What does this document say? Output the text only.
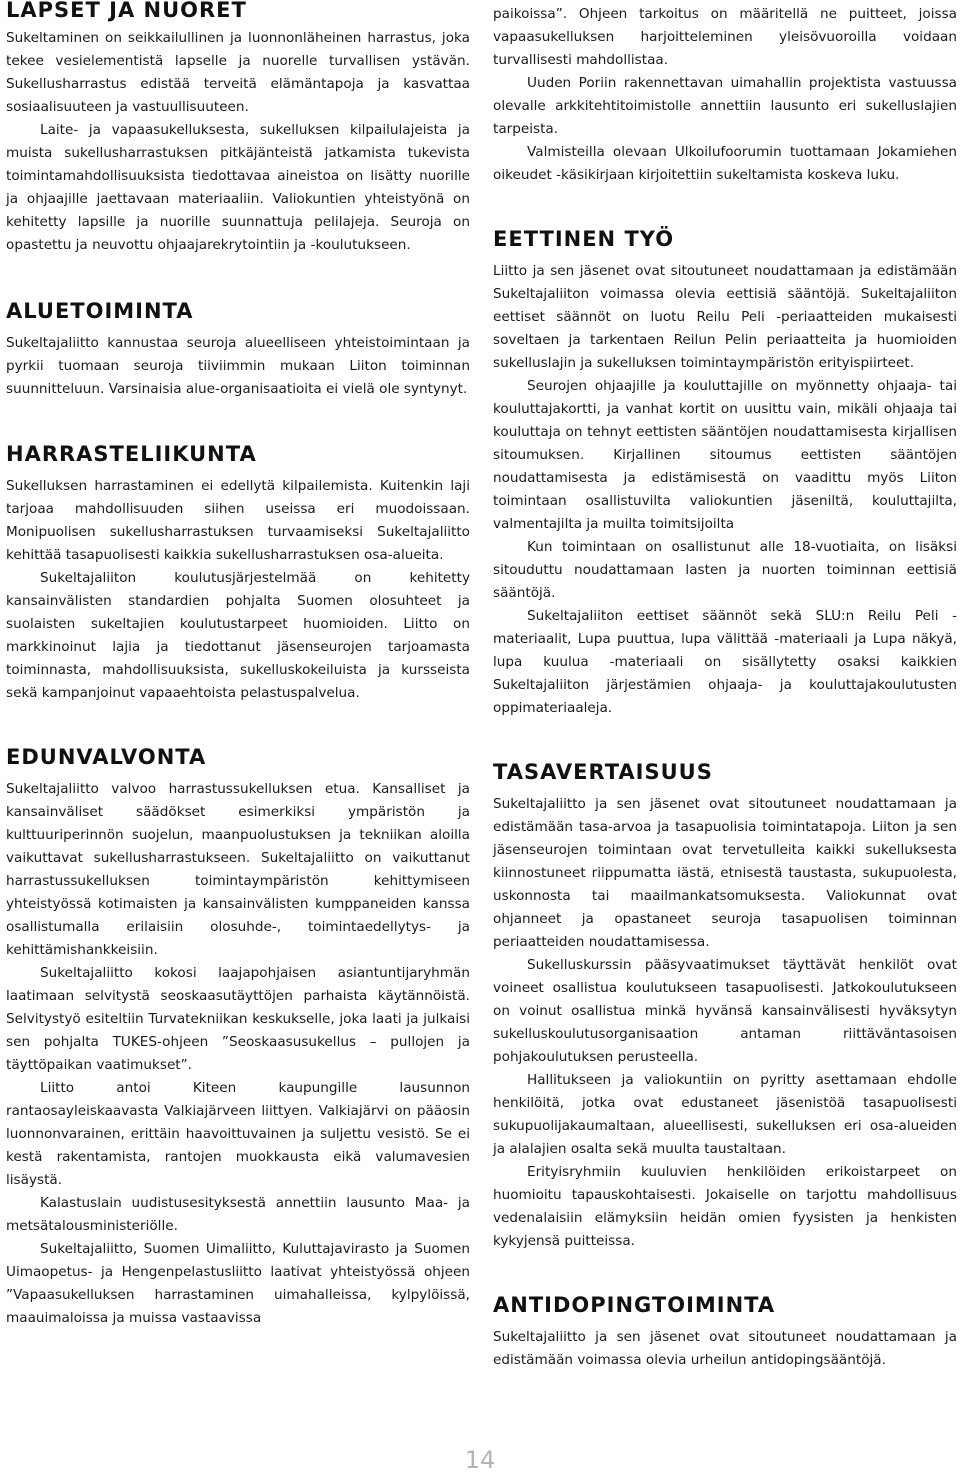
LAPSET JA NUORET

Sukeltaminen on seikkailullinen ja luonnonläheinen harrastus, joka tekee vesielementistä lapselle ja nuorelle turvallisen ystävän. Sukellusharrastus edistää terveitä elämäntapoja ja kasvattaa sosiaalisuuteen ja vastuullisuuteen.

Laite- ja vapaasukelluksesta, sukelluksen kilpailulajeista ja muista sukellusharrastuksen pitkäjänteistä jatkamista tukevista toimintamahdollisuuksista tiedottavaa aineistoa on lisätty nuorille ja ohjaajille jaettavaan materiaaliin. Valiokuntien yhteistyönä on kehitetty lapsille ja nuorille suunnattuja pelilajeja. Seuroja on opastettu ja neuvottu ohjaajarekrytointiin ja -koulutukseen.

ALUETOIMINTA

Sukeltajaliitto kannustaa seuroja alueelliseen yhteistoimintaan ja pyrkii tuomaan seuroja tiiviimmin mukaan Liiton toiminnan suunnitteluun. Varsinaisia alue-organisaatioita ei vielä ole syntynyt.

HARRASTELIIKUNTA

Sukelluksen harrastaminen ei edellytä kilpailemista. Kuitenkin laji tarjoaa mahdollisuuden siihen useissa eri muodoissaan. Monipuolisen sukellusharrastuksen turvaamiseksi Sukeltajaliitto kehittää tasapuolisesti kaikkia sukellusharrastuksen osa-alueita.

Sukeltajaliiton koulutusjärjestelmää on kehitetty kansainvälisten standardien pohjalta Suomen olosuhteet ja suolaisten sukeltajien koulutustarpeet huomioiden. Liitto on markkinoinut lajia ja tiedottanut jäsenseurojen tarjoamasta toiminnasta, mahdollisuuksista, sukelluskokeiluista ja kursseista sekä kampanjoinut vapaaehtoista pelastuspalvelua.

EDUNVALVONTA

Sukeltajaliitto valvoo harrastussukelluksen etua. Kansalliset ja kansainväliset säädökset esimerkiksi ympäristön ja kulttuuriperinnön suojelun, maanpuolustuksen ja tekniikan aloilla vaikuttavat sukellusharrastukseen. Sukeltajaliitto on vaikuttanut harrastussukelluksen toimintaympäristön kehittymiseen yhteistyössä kotimaisten ja kansainvälisten kumppaneiden kanssa osallistumalla erilaisiin olosuhde-, toimintaedellytys- ja kehittämishankkeisiin.

Sukeltajaliitto kokosi laajapohjaisen asiantuntijaryhmän laatimaan selvitystä seoskaasutäyttöjen parhaista käytännöistä. Selvitystyö esiteltiin Turvatekniikan keskukselle, joka laati ja julkaisi sen pohjalta TUKES-ohjeen ”Seoskaasusukellus – pullojen ja täyttöpaikan vaatimukset”.

Liitto antoi Kiteen kaupungille lausunnon rantaosayleiskaavasta Valkiajärveen liittyen. Valkiajärvi on pääosin luonnonvarainen, erittäin haavoittuvainen ja suljettu vesistö. Se ei kestä rakentamista, rantojen muokkausta eikä valumavesien lisäystä.

Kalastuslain uudistusesityksestä annettiin lausunto Maa- ja metsätalousministeriölle.

Sukeltajaliitto, Suomen Uimaliitto, Kuluttajavirasto ja Suomen Uimaopetus- ja Hengenpelastusliitto laativat yhteistyössä ohjeen ”Vapaasukelluksen harrastaminen uimahalleissa, kylpylöissä, maauimaloissa ja muissa vastaavissa

paikoissa”. Ohjeen tarkoitus on määritellä ne puitteet, joissa vapaasukelluksen harjoitteleminen yleisövuoroilla voidaan turvallisesti mahdollistaa.

Uuden Poriin rakennettavan uimahallin projektista vastuussa olevalle arkkitehtitoimistolle annettiin lausunto eri sukelluslajien tarpeista.

Valmisteilla olevaan Ulkoilufoorumin tuottamaan Jokamiehen oikeudet -käsikirjaan kirjoitettiin sukeltamista koskeva luku.

EETTINEN TYÖ

Liitto ja sen jäsenet ovat sitoutuneet noudattamaan ja edistämään Sukeltajaliiton voimassa olevia eettisiä sääntöjä. Sukeltajaliiton eettiset säännöt on luotu Reilu Peli -periaatteiden mukaisesti soveltaen ja tarkentaen Reilun Pelin periaatteita ja huomioiden sukelluslajin ja sukelluksen toimintaympäristön erityispiirteet.

Seurojen ohjaajille ja kouluttajille on myönnetty ohjaaja- tai kouluttajakortti, ja vanhat kortit on uusittu vain, mikäli ohjaaja tai kouluttaja on tehnyt eettisten sääntöjen noudattamisesta kirjallisen sitoumuksen. Kirjallinen sitoumus eettisten sääntöjen noudattamisesta ja edistämisestä on vaadittu myös Liiton toimintaan osallistuvilta valiokuntien jäseniltä, kouluttajilta, valmentajilta ja muilta toimitsijoilta

Kun toimintaan on osallistunut alle 18-vuotiaita, on lisäksi sitouduttu noudattamaan lasten ja nuorten toiminnan eettisiä sääntöjä.

Sukeltajaliiton eettiset säännöt sekä SLU:n Reilu Peli -materiaalit, Lupa puuttua, lupa välittää -materiaali ja Lupa näkyä, lupa kuulua -materiaali on sisällytetty osaksi kaikkien Sukeltajaliiton järjestämien ohjaaja- ja kouluttajakoulutusten oppimateriaaleja.

TASAVERTAISUUS

Sukeltajaliitto ja sen jäsenet ovat sitoutuneet noudattamaan ja edistämään tasa-arvoa ja tasapuolisia toimintatapoja. Liiton ja sen jäsenseurojen toimintaan ovat tervetulleita kaikki sukelluksesta kiinnostuneet riippumatta iästä, etnisestä taustasta, sukupuolesta, uskonnosta tai maailmankatsomuksesta. Valiokunnat ovat ohjanneet ja opastaneet seuroja tasapuolisen toiminnan periaatteiden noudattamisessa.

Sukelluskurssin pääsyvaatimukset täyttävät henkilöt ovat voineet osallistua koulutukseen tasapuolisesti. Jatkokoulutukseen on voinut osallistua minkä hyvänsä kansainvälisesti hyväksytyn sukelluskoulutusorganisaation antaman riittäväntasoisen pohjakoulutuksen perusteella.

Hallitukseen ja valiokuntiin on pyritty asettamaan ehdolle henkilöitä, jotka ovat edustaneet jäsenistöä tasapuolisesti sukupuolijakaumaltaan, alueellisesti, sukelluksen eri osa-alueiden ja alalajien osalta sekä muulta taustaltaan.

Erityisryhmiin kuuluvien henkilöiden erikoistarpeet on huomioitu tapauskohtaisesti. Jokaiselle on tarjottu mahdollisuus vedenalaisiin elämyksiin heidän omien fyysisten ja henkisten kykyjensä puitteissa.

ANTIDOPINGTOIMINTA

Sukeltajaliitto ja sen jäsenet ovat sitoutuneet noudattamaan ja edistämään voimassa olevia urheilun antidopingsääntöjä.

14
